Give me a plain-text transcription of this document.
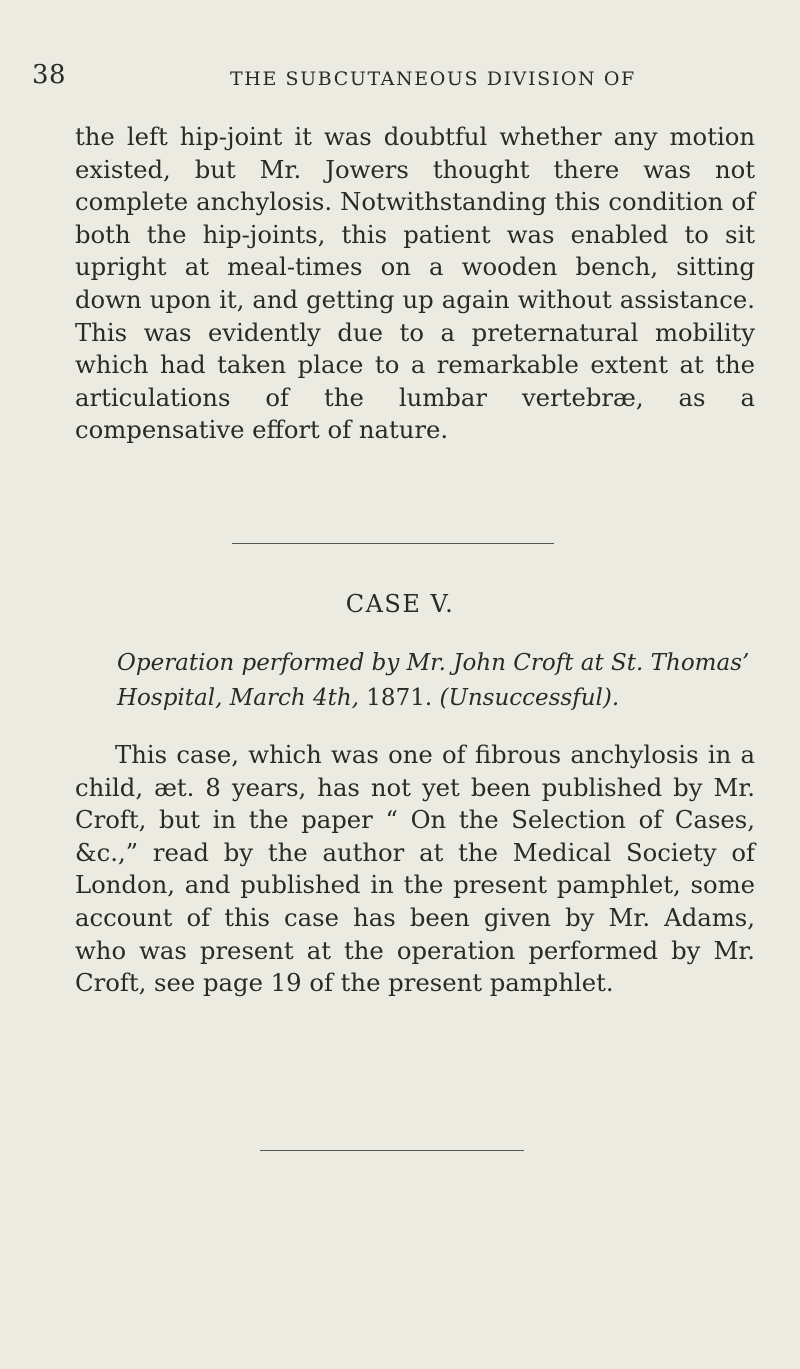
38	THE SUBCUTANEOUS DIVISION OF

the left hip-joint it was doubtful whether any motion existed, but Mr. Jowers thought there was not complete anchylosis. Notwithstanding this condition of both the hip-joints, this patient was enabled to sit upright at meal-times on a wooden bench, sitting down upon it, and getting up again without assistance. This was evidently due to a preternatural mobility which had taken place to a remarkable extent at the articulations of the lumbar vertebræ, as a compensative effort of nature.

CASE V.

Operation performed by Mr. John Croft at St. Thomas’
Hospital, March 4th, 1871. (Unsuccessful).

This case, which was one of fibrous anchylosis in a child, æt. 8 years, has not yet been published by Mr. Croft, but in the paper “ On the Selection of Cases, &c.,” read by the author at the Medical Society of London, and published in the present pamphlet, some account of this case has been given by Mr. Adams, who was present at the operation performed by Mr. Croft, see page 19 of the present pamphlet.
